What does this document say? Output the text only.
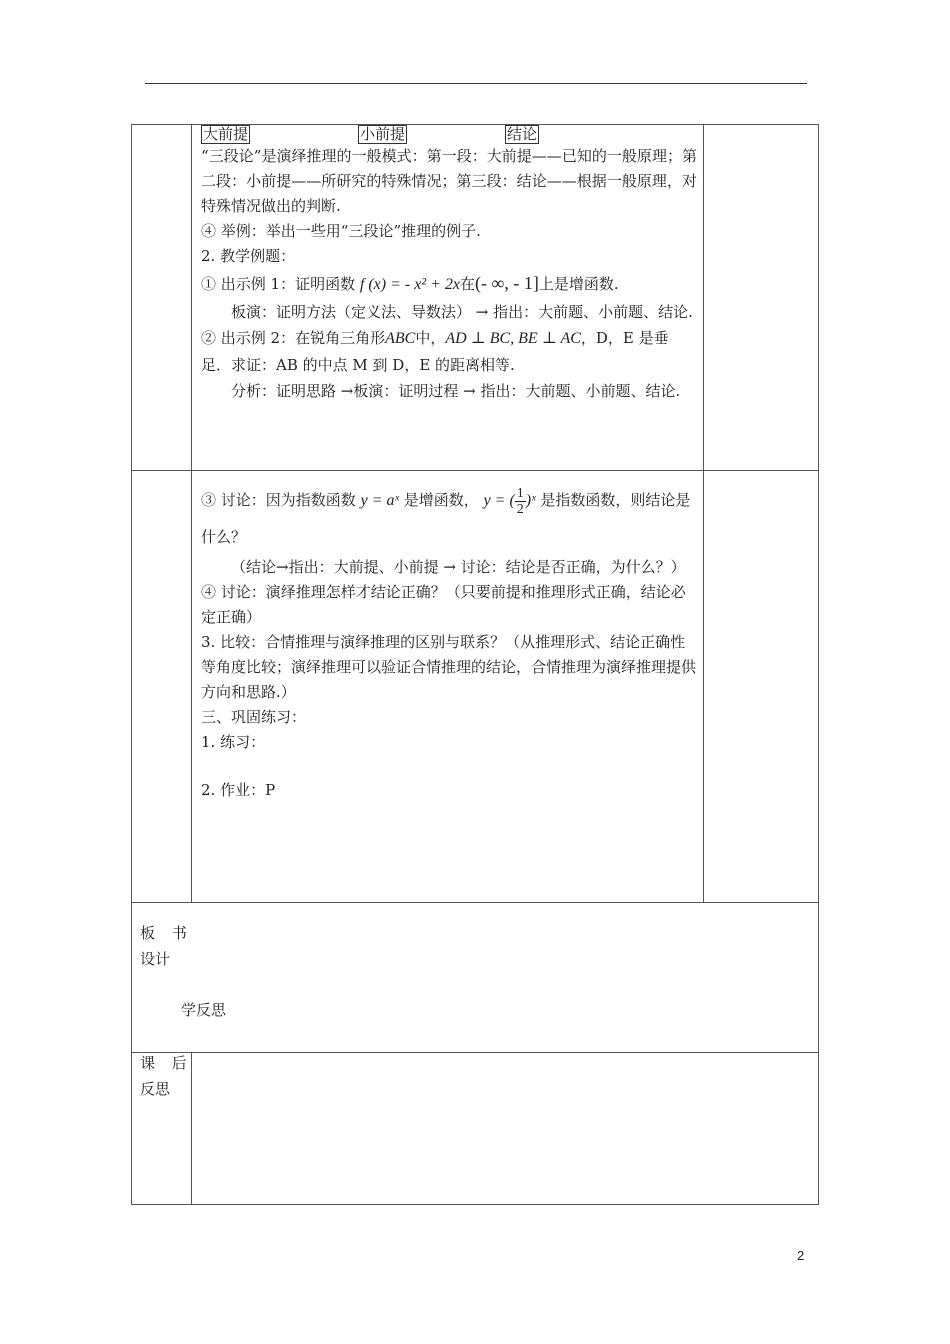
大前提	小前提	结论

“三段论”是演绎推理的一般模式：第一段：大前提——已知的一般原理；第二段：小前提——所研究的特殊情况；第三段：结论——根据一般原理，对特殊情况做出的判断.

④ 举例：举出一些用“三段论”推理的例子.

2. 教学例题：

① 出示例 1：证明函数 f (x) = - x² + 2x在(- ∞, - 1]上是增函数.

板演：证明方法（定义法、导数法） → 指出：大前题、小前题、结论.

② 出示例 2：在锐角三角形ABC中，AD ⊥ BC, BE ⊥ AC，D，E 是垂足．求证：AB 的中点 M 到 D，E 的距离相等.

分析：证明思路 →板演：证明过程 → 指出：大前题、小前题、结论.

③ 讨论：因为指数函数 y = aˣ 是增函数， y = ( $\frac{1}{2}$ )ˣ 是指数函数，则结论是什么？

（结论→指出：大前提、小前提 → 讨论：结论是否正确，为什么？）

④ 讨论：演绎推理怎样才结论正确？（只要前提和推理形式正确，结论必定正确）

3. 比较：合情推理与演绎推理的区别与联系？（从推理形式、结论正确性等角度比较；演绎推理可以验证合情推理的结论，合情推理为演绎推理提供方向和思路.）

三、巩固练习：

1. 练习：

2. 作业：P

板 书
设计
学反思
课 后
反思
2
